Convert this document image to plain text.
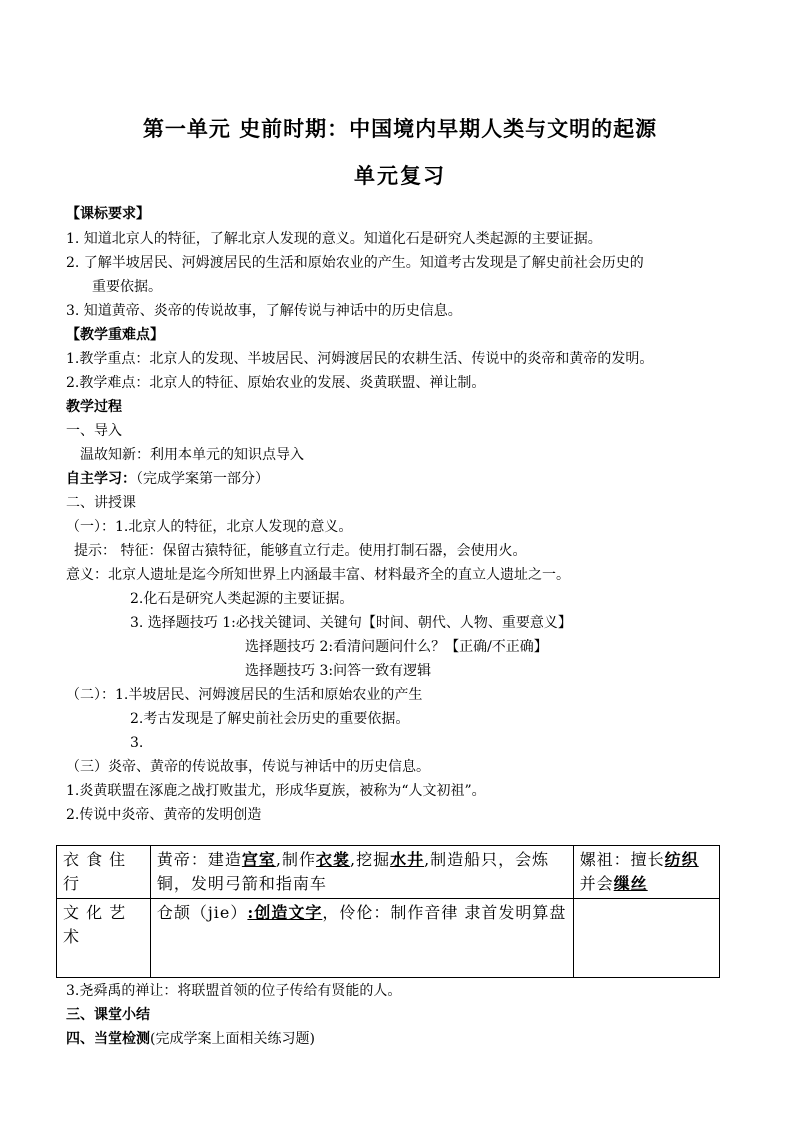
第一单元 史前时期：中国境内早期人类与文明的起源
单元复习
【课标要求】
1. 知道北京人的特征，了解北京人发现的意义。知道化石是研究人类起源的主要证据。
2. 了解半坡居民、河姆渡居民的生活和原始农业的产生。知道考古发现是了解史前社会历史的
重要依据。
3. 知道黄帝、炎帝的传说故事，了解传说与神话中的历史信息。
【教学重难点】
1.教学重点：北京人的发现、半坡居民、河姆渡居民的农耕生活、传说中的炎帝和黄帝的发明。
2.教学难点：北京人的特征、原始农业的发展、炎黄联盟、禅让制。
教学过程
一、导入
温故知新：利用本单元的知识点导入
自主学习：（完成学案第一部分）
二、讲授课
（一）：1.北京人的特征，北京人发现的意义。
提示： 特征：保留古猿特征，能够直立行走。使用打制石器，会使用火。
意义：北京人遗址是迄今所知世界上内涵最丰富、材料最齐全的直立人遗址之一。
2.化石是研究人类起源的主要证据。
3. 选择题技巧 1:必找关键词、关键句【时间、朝代、人物、重要意义】
选择题技巧 2:看清问题问什么？【正确/不正确】
选择题技巧 3:问答一致有逻辑
（二）：1.半坡居民、河姆渡居民的生活和原始农业的产生
2.考古发现是了解史前社会历史的重要依据。
3.
（三）炎帝、黄帝的传说故事，传说与神话中的历史信息。
1.炎黄联盟在涿鹿之战打败蚩尤，形成华夏族，被称为“人文初祖”。
2.传说中炎帝、黄帝的发明创造
衣 食 住 行	黄帝：建造宫室,制作衣裳,挖掘水井,制造船只，会炼铜，发明弓箭和指南车	嫘祖：擅长纺织并会缫丝
文 化 艺 术	仓颉（jie）:创造文字，伶伦：制作音律 隶首发明算盘	
3.尧舜禹的禅让：将联盟首领的位子传给有贤能的人。
三、课堂小结
四、当堂检测(完成学案上面相关练习题)
